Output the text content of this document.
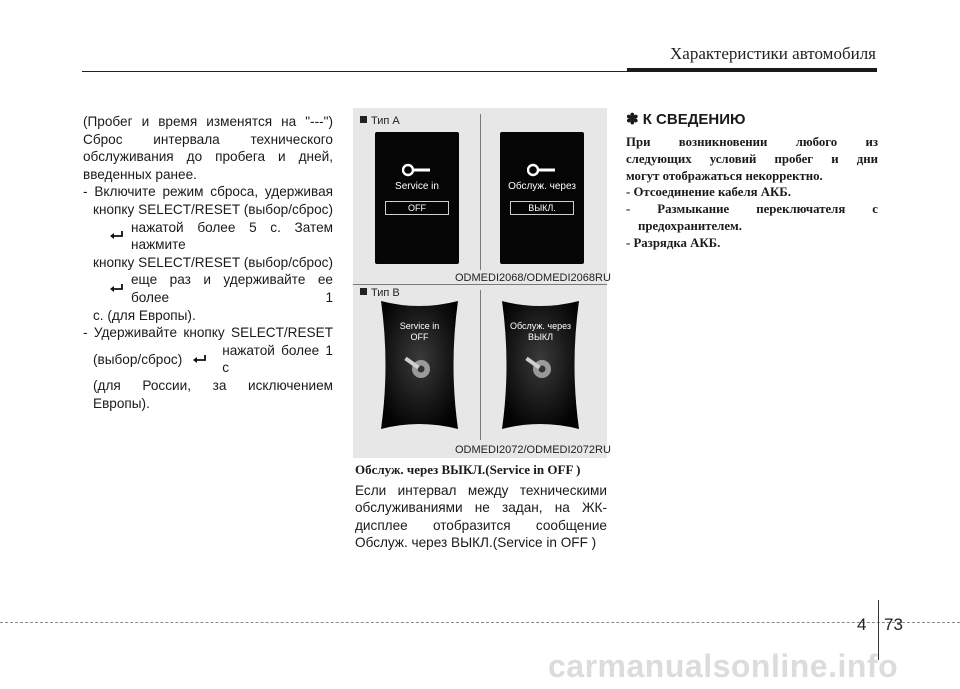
Характеристики автомобиля

(Пробег и время изменятся на "---")

Сброс интервала технического

обслуживания до пробега и дней,

введенных ранее.

- Включите режим сброса, удерживая

кнопку SELECT/RESET (выбор/сброс)

нажатой более 5 с. Затем нажмите

кнопку SELECT/RESET (выбор/сброс)

еще раз и удерживайте ее более 1

с. (для Европы).

- Удерживайте кнопку SELECT/RESET

(выбор/сброс)
нажатой более 1 с

(для России, за исключением Европы).

Тип A
Service in
OFF
Обслуж. через
ВЫКЛ.
ODMEDI2068/ODMEDI2068RU
Тип B
Service in
OFF
Обслуж. через
ВЫКЛ
ODMEDI2072/ODMEDI2072RU
Обслуж. через ВЫКЛ.(Service in OFF )

Если интервал между техническими

обслуживаниями не задан, на ЖК-

дисплее отобразится сообщение

Обслуж. через ВЫКЛ.(Service in OFF )

✽ К СВЕДЕНИЮ

При возникновении любого из

следующих условий пробег и дни

могут отображаться некорректно.

- Отсоединение кабеля АКБ.

- Размыкание переключателя с

предохранителем.

- Разрядка АКБ.

4 73
carmanualsonline.info
